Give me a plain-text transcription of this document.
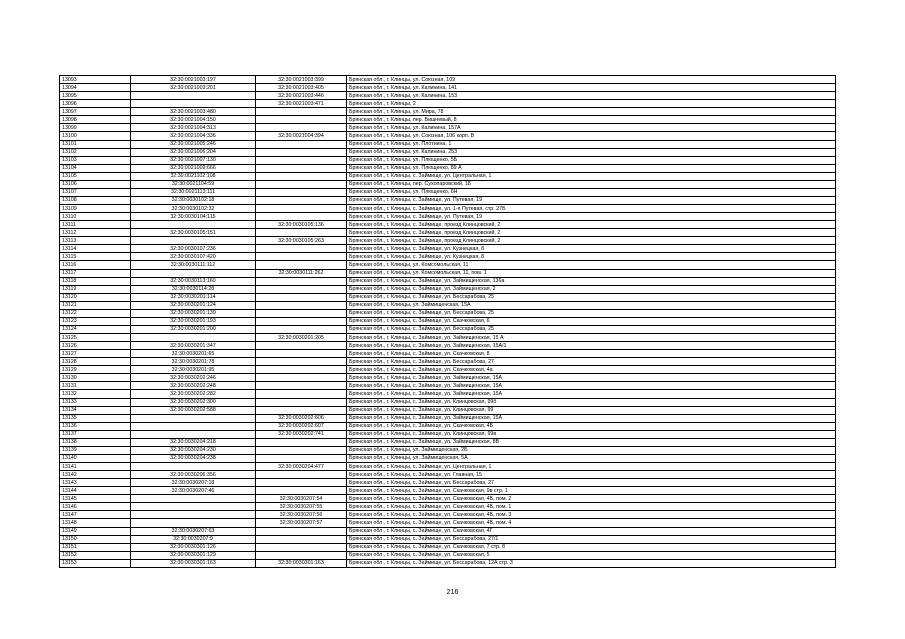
13093	32:30:0021003:197	32:30:0021003:399	Брянская обл., г. Клинцы, ул. Союзная, 109
13094	32:30:0021003:201	32:30:0021003:405	Брянская обл., г. Клинцы, ул. Калинина, 141
13095		32:30:0021003:446	Брянская обл., г. Клинцы, ул. Калинина, 153
13096		32:30:0021003:471	Брянская обл., г. Клинцы, 2
13097	32:30:0021003:480		Брянская обл., г. Клинцы, ул. Мира, 78
13098	32:30:0021004:150		Брянская обл., г. Клинцы, пер. Вишневый, 8
13099	32:30:0021004:313		Брянская обл., г. Клинцы, ул. Калинина, 157А
13100	32:30:0021004:336	32:30:0021004:394	Брянская обл., г. Клинцы, ул. Союзная, 106 корп. В
13101	32:30:0021005:246		Брянская обл., г. Клинцы, ул. Плотнина, 1
13102	32:30:0021006:204		Брянская обл., г. Клинцы, ул. Калинина, 253
13103	32:30:0021007:130		Брянская обл., г. Клинцы, ул. Плющенко, 5Б
13104	32:30:0021009:666		Брянская обл., г. Клинцы, ул. Плющенко, 89 А
13105	32:30:0021102:108		Брянская обл., г. Клинцы, с. Займище, ул. Центральная, 1
13106	32:30:0021104:59		Брянская обл., г. Клинцы, пер. Сухопаровский, 18
13107	32:30:0021113:111		Брянская обл., г. Клинцы, ул. Плющенко, 6Н
13108	32:30:0030102:18		Брянская обл., г. Клинцы, с. Займище, ул. Путевая, 19
13109	32:30:0030102:32		Брянская обл., г. Клинцы, с. Займище, ул. 1-я Путевая, стр. 27Б
13110	32:30:0030104:115		Брянская обл., г. Клинцы, с. Займище, ул. Путевая, 19
13111		32:30:0030105:136	Брянская обл., г. Клинцы, с. Займище, проезд Клинцовский, 2
13112	32:30:0030105:151		Брянская обл., г. Клинцы, с. Займище, проезд Клинцовский, 2
13113		32:30:0030105:263	Брянская обл., г. Клинцы, с. Займище, проезд Клинцовский, 2
13114	32:30:0030107:236		Брянская обл., г. Клинцы, с. Займище, ул. Кузнецкая, 8
13115	32:30:0030107:420		Брянская обл., г. Клинцы, с. Займище, ул. Кузнецкая, 8
13116	32:30:0030111:112		Брянская обл., г. Клинцы, ул. Комсомольская, 11
13117		32:30:0030111:262	Брянская обл., г. Клинцы, ул. Комсомольская, 11, пом. 1
13118	32:30:0030113:160		Брянская обл., г. Клинцы, с. Займище, ул. Займищенская, 136а
13119	32:30:0030114:28		Брянская обл., г. Клинцы, с. Займище, ул. Займищенская, 2
13120	32:30:0030201:114		Брянская обл., г. Клинцы, с. Займище, ул. Бессарабова, 25
13121	32:30:0030201:124		Брянская обл., г. Клинцы, ул. Займищенская, 15А
13122	32:30:0030201:139		Брянская обл., г. Клинцы, с. Займище, ул. Бессарабова, 25
13123	32:30:0030201:193		Брянская обл., г. Клинцы, с. Займище, ул. Скачковская, 6
13124	32:30:0030201:200		Брянская обл., г. Клинцы, с. Займище, ул. Бессарабова, 25
13125		32:30:0030201:205	Брянская обл., г. Клинцы, с. Займище, ул. Займищенская, 15 А
13126	32:30:0030201:347		Брянская обл., г. Клинцы, с. Займище, ул. Займищенская, 15А/1
13127	32:30:0030201:65		Брянская обл., г. Клинцы, с. Займище, ул. Скачковская, 8
13128	32:30:0030201:78		Брянская обл., г. Клинцы, с. Займище, ул. Бессарабова, 27
13129	32:30:0030201:95		Брянская обл., г. Клинцы, с. Займище, ул. Скачковская, 4а
13130	32:30:0030202:246		Брянская обл., г. Клинцы, с. Займище, ул. Займищенская, 15А
13131	32:30:0030202:248		Брянская обл., г. Клинцы, с. Займище, ул. Займищенская, 15А
13132	32:30:0030202:282		Брянская обл., г. Клинцы, с. Займище, ул. Займищенская, 15А
13133	32:30:0030202:300		Брянская обл., г. Клинцы, с. Займище, ул. Клинцовская, 99б
13134	32:30:0030202:588		Брянская обл., г. Клинцы, с. Займище, ул. Клинцовская, 99
13135		32:30:0030202:606	Брянская обл., г. Клинцы, с. Займище, ул. Займищенская, 15А
13136		32:30:0030202:607	Брянская обл., г. Клинцы, с. Займище, ул. Скачковская, 4Б
13137		32:30:0030202:741	Брянская обл., г. Клинцы, с. Займище, ул. Клинцовская, 99в
13138	32:30:0030204:218		Брянская обл., г. Клинцы, с. Займище, ул. Займищенская, 8В
13139	32:30:0030204:230		Брянская обл., г. Клинцы, ул. Займищенская, 2Б
13140	32:30:0030204:238		Брянская обл., г. Клинцы, ул. Займищенская, 5А
13141		32:30:0030204:477	Брянская обл., г. Клинцы, с. Займище, ул. Центральная, 1
13142	32:30:0030206:356		Брянская обл., г. Клинцы, с. Займище, ул. Главная, 15
13143	32:30:0030207:18		Брянская обл., г. Клинцы, с. Займище, ул. Бессарабова, 27
13144	32:30:0030207:46		Брянская обл., г. Клинцы, с. Займище, ул. Скачковская, 9в стр. 1
13145		32:30:0030207:54	Брянская обл., г. Клинцы, с. Займище, ул. Скачковская, 4Б, пом. 2
13146		32:30:0030207:55	Брянская обл., г. Клинцы, с. Займище, ул. Скачковская, 4Б, пом. 1
13147		32:30:0030207:56	Брянская обл., г. Клинцы, с. Займище, ул. Скачковская, 4Б, пом. 3
13148		32:30:0030207:57	Брянская обл., г. Клинцы, с. Займище, ул. Скачковская, 4Б, пом. 4
13149	32:30:0030207:63		Брянская обл., г. Клинцы, с. Займище, ул. Скачковская, 4Г
13150	32:30:0030207:9		Брянская обл., г. Клинцы, с. Займище, ул. Бессарабова, 27/1
13151	32:30:0030301:126		Брянская обл., г. Клинцы, с. Займище, ул. Скачковская, 7 стр. 8
13152	32:30:0030301:129		Брянская обл., г. Клинцы, с. Займище, ул. Скачковская, 5
13153	32:30:0030301:163	32:30:0030301:163	Брянская обл., г. Клинцы, с. Займище, ул. Бессарабова, 12А стр. 3
216
